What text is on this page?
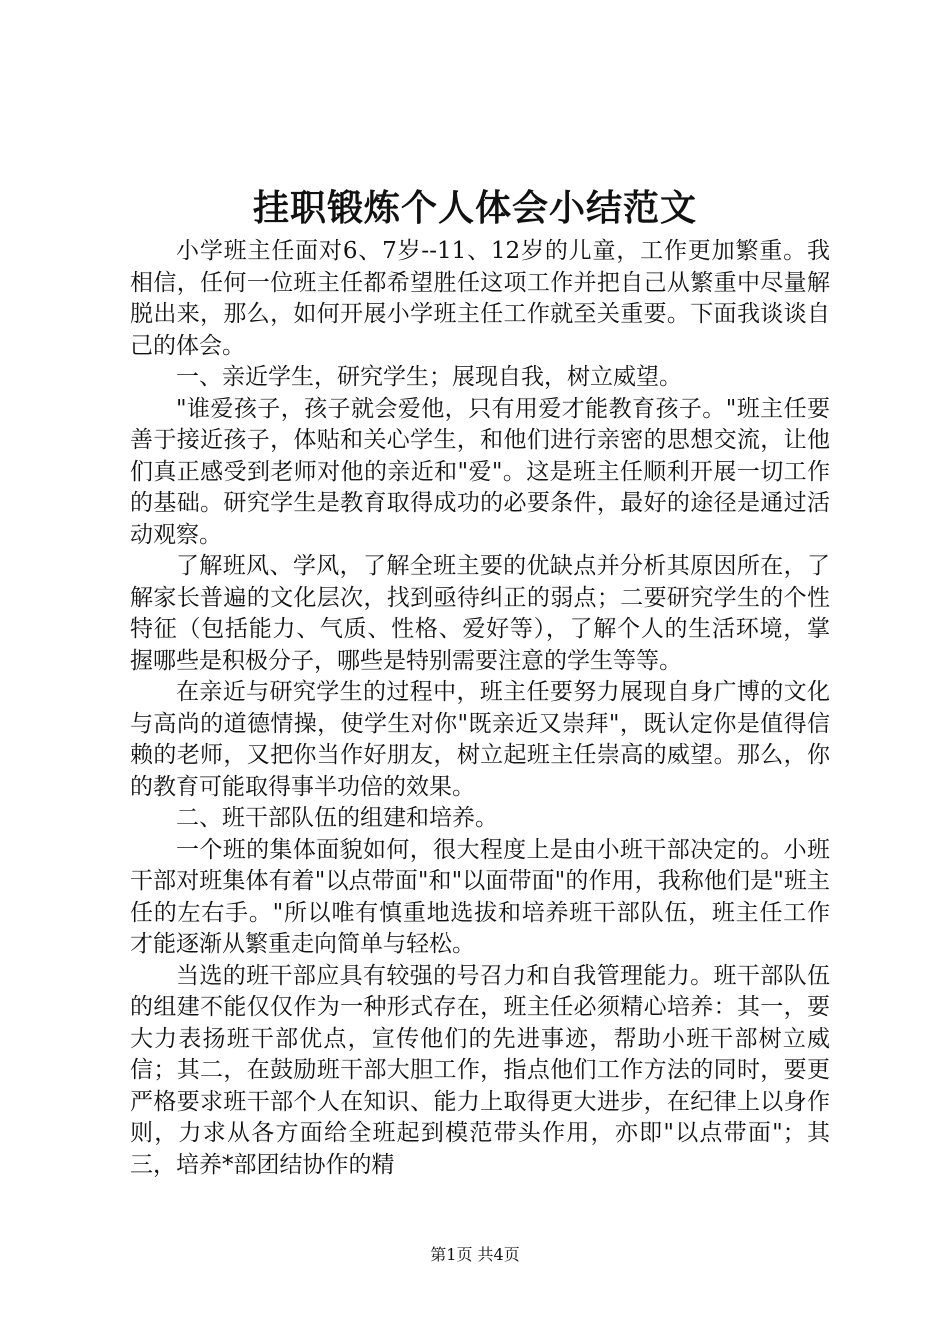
挂职锻炼个人体会小结范文

小学班主任面对6、7岁--11、12岁的儿童，工作更加繁重。我相信，任何一位班主任都希望胜任这项工作并把自己从繁重中尽量解脱出来，那么，如何开展小学班主任工作就至关重要。下面我谈谈自己的体会。

一、亲近学生，研究学生；展现自我，树立威望。

"谁爱孩子，孩子就会爱他，只有用爱才能教育孩子。"班主任要善于接近孩子，体贴和关心学生，和他们进行亲密的思想交流，让他们真正感受到老师对他的亲近和"爱"。这是班主任顺利开展一切工作的基础。研究学生是教育取得成功的必要条件，最好的途径是通过活动观察。

了解班风、学风，了解全班主要的优缺点并分析其原因所在，了解家长普遍的文化层次，找到亟待纠正的弱点；二要研究学生的个性特征（包括能力、气质、性格、爱好等），了解个人的生活环境，掌握哪些是积极分子，哪些是特别需要注意的学生等等。

在亲近与研究学生的过程中，班主任要努力展现自身广博的文化与高尚的道德情操，使学生对你"既亲近又崇拜"，既认定你是值得信赖的老师，又把你当作好朋友，树立起班主任崇高的威望。那么，你的教育可能取得事半功倍的效果。

二、班干部队伍的组建和培养。

一个班的集体面貌如何，很大程度上是由小班干部决定的。小班干部对班集体有着"以点带面"和"以面带面"的作用，我称他们是"班主任的左右手。"所以唯有慎重地选拔和培养班干部队伍，班主任工作才能逐渐从繁重走向简单与轻松。

当选的班干部应具有较强的号召力和自我管理能力。班干部队伍的组建不能仅仅作为一种形式存在，班主任必须精心培养：其一，要大力表扬班干部优点，宣传他们的先进事迹，帮助小班干部树立威信；其二，在鼓励班干部大胆工作，指点他们工作方法的同时，要更严格要求班干部个人在知识、能力上取得更大进步，在纪律上以身作则，力求从各方面给全班起到模范带头作用，亦即"以点带面"；其三，培养*部团结协作的精

第1页 共4页
